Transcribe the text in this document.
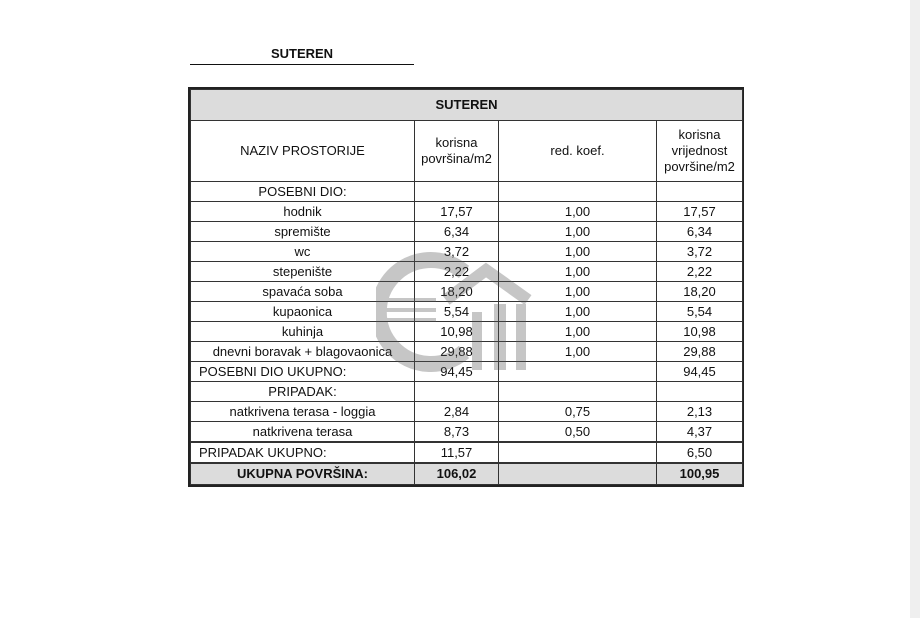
SUTEREN
SUTEREN			
NAZIV PROSTORIJE	korisna površina/m2	red. koef.	korisna vrijednost površine/m2
POSEBNI DIO:			
hodnik	17,57	1,00	17,57
spremište	6,34	1,00	6,34
wc	3,72	1,00	3,72
stepenište	2,22	1,00	2,22
spavaća soba	18,20	1,00	18,20
kupaonica	5,54	1,00	5,54
kuhinja	10,98	1,00	10,98
dnevni boravak + blagovaonica	29,88	1,00	29,88
POSEBNI DIO UKUPNO:	94,45		94,45
PRIPADAK:			
natkrivena terasa - loggia	2,84	0,75	2,13
natkrivena terasa	8,73	0,50	4,37
PRIPADAK UKUPNO:	11,57		6,50
UKUPNA POVRŠINA:	106,02		100,95
